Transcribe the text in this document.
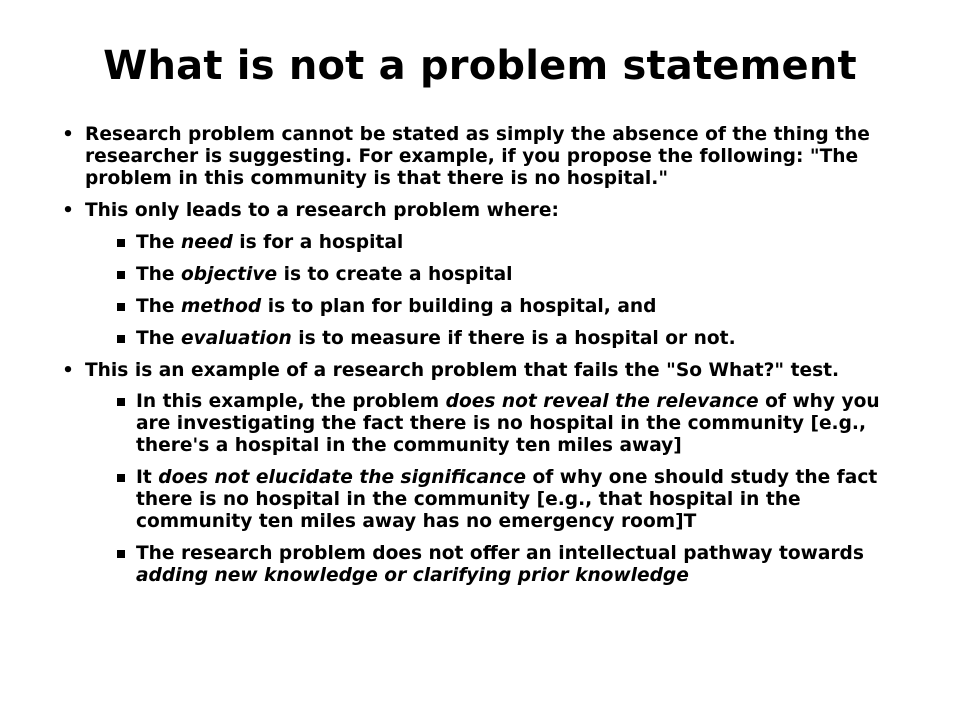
What is not a problem statement

• Research problem cannot be stated as simply the absence of the thing the researcher is suggesting. For example, if you propose the following: "The problem in this community is that there is no hospital."

• This only leads to a research problem where:

The need is for a hospital

The objective is to create a hospital

The method is to plan for building a hospital, and

The evaluation is to measure if there is a hospital or not.

• This is an example of a research problem that fails the "So What?" test.

In this example, the problem does not reveal the relevance of why you are investigating the fact there is no hospital in the community [e.g., there's a hospital in the community ten miles away]

It does not elucidate the significance of why one should study the fact there is no hospital in the community [e.g., that hospital in the community ten miles away has no emergency room]T

The research problem does not offer an intellectual pathway towards adding new knowledge or clarifying prior knowledge
